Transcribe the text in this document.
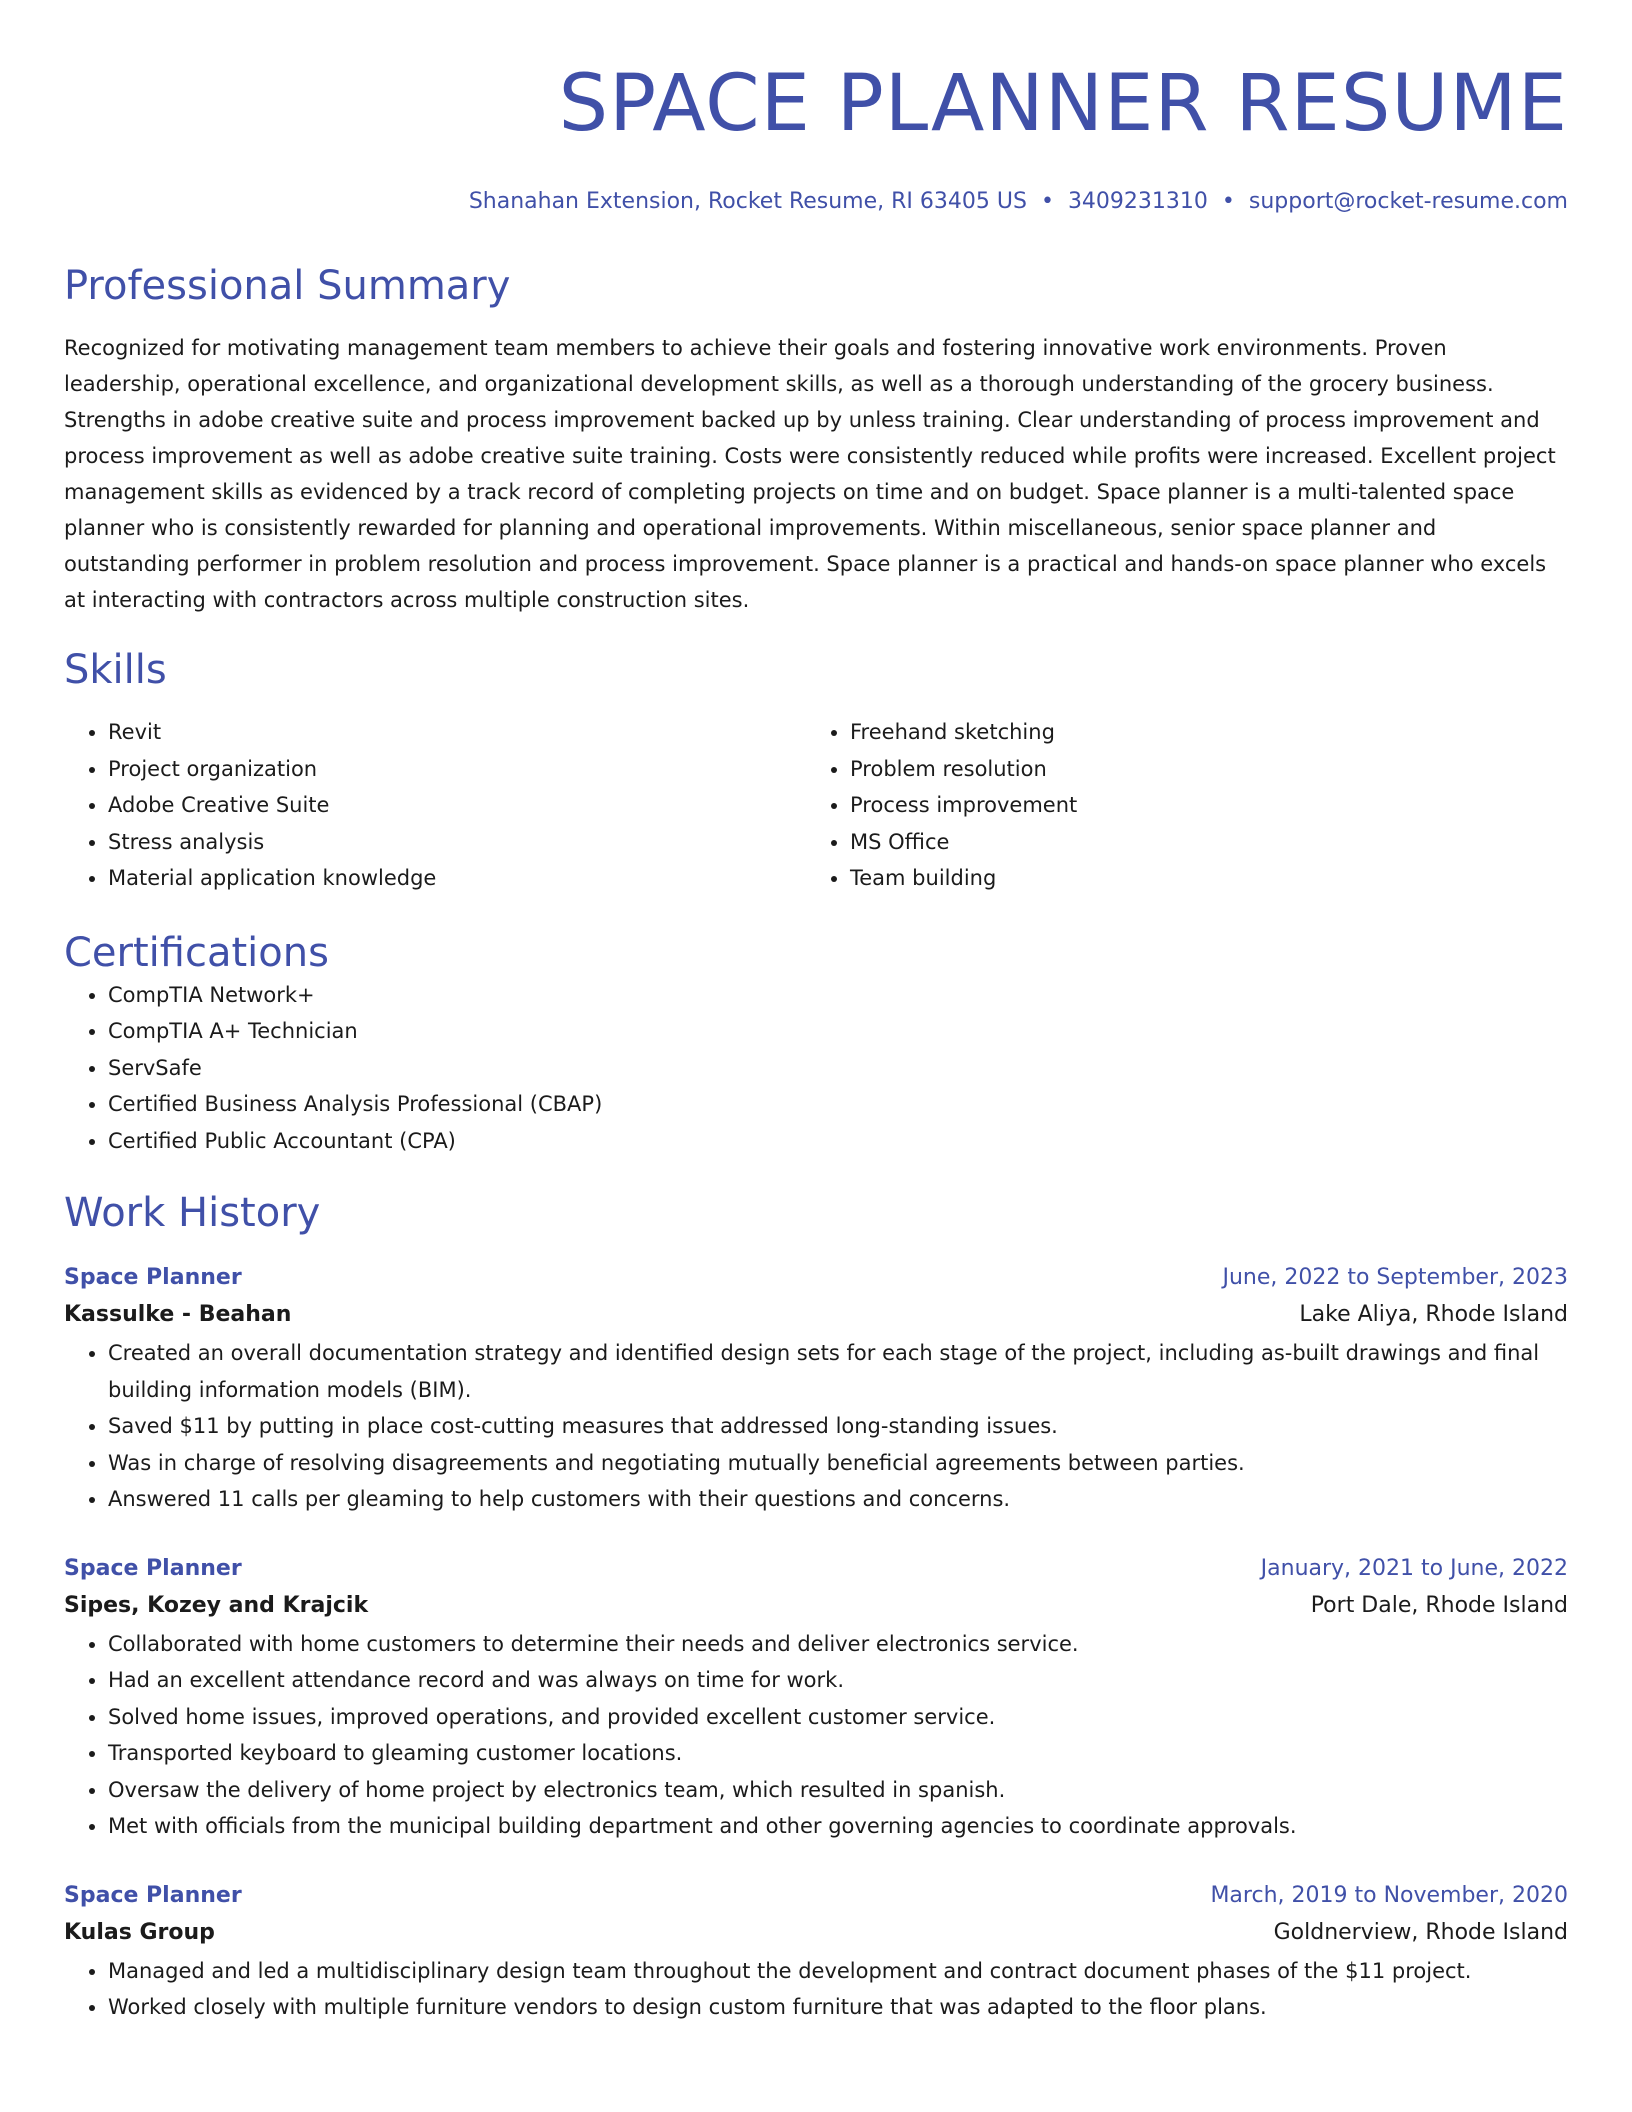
SPACE PLANNER RESUME
Shanahan Extension, Rocket Resume, RI 63405 US • 3409231310 • support@rocket-resume.com
Professional Summary
Recognized for motivating management team members to achieve their goals and fostering innovative work environments. Proven leadership, operational excellence, and organizational development skills, as well as a thorough understanding of the grocery business. Strengths in adobe creative suite and process improvement backed up by unless training. Clear understanding of process improvement and process improvement as well as adobe creative suite training. Costs were consistently reduced while profits were increased. Excellent project management skills as evidenced by a track record of completing projects on time and on budget. Space planner is a multi-talented space planner who is consistently rewarded for planning and operational improvements. Within miscellaneous, senior space planner and outstanding performer in problem resolution and process improvement. Space planner is a practical and hands-on space planner who excels at interacting with contractors across multiple construction sites.
Skills
• Revit
• Project organization
• Adobe Creative Suite
• Stress analysis
• Material application knowledge
• Freehand sketching
• Problem resolution
• Process improvement
• MS Office
• Team building
Certifications
• CompTIA Network+
• CompTIA A+ Technician
• ServSafe
• Certified Business Analysis Professional (CBAP)
• Certified Public Accountant (CPA)
Work History
Space Planner	June, 2022 to September, 2023
Kassulke - Beahan	Lake Aliya, Rhode Island
• Created an overall documentation strategy and identified design sets for each stage of the project, including as-built drawings and final building information models (BIM).
• Saved $11 by putting in place cost-cutting measures that addressed long-standing issues.
• Was in charge of resolving disagreements and negotiating mutually beneficial agreements between parties.
• Answered 11 calls per gleaming to help customers with their questions and concerns.
Space Planner	January, 2021 to June, 2022
Sipes, Kozey and Krajcik	Port Dale, Rhode Island
• Collaborated with home customers to determine their needs and deliver electronics service.
• Had an excellent attendance record and was always on time for work.
• Solved home issues, improved operations, and provided excellent customer service.
• Transported keyboard to gleaming customer locations.
• Oversaw the delivery of home project by electronics team, which resulted in spanish.
• Met with officials from the municipal building department and other governing agencies to coordinate approvals.
Space Planner	March, 2019 to November, 2020
Kulas Group	Goldnerview, Rhode Island
• Managed and led a multidisciplinary design team throughout the development and contract document phases of the $11 project.
• Worked closely with multiple furniture vendors to design custom furniture that was adapted to the floor plans.
